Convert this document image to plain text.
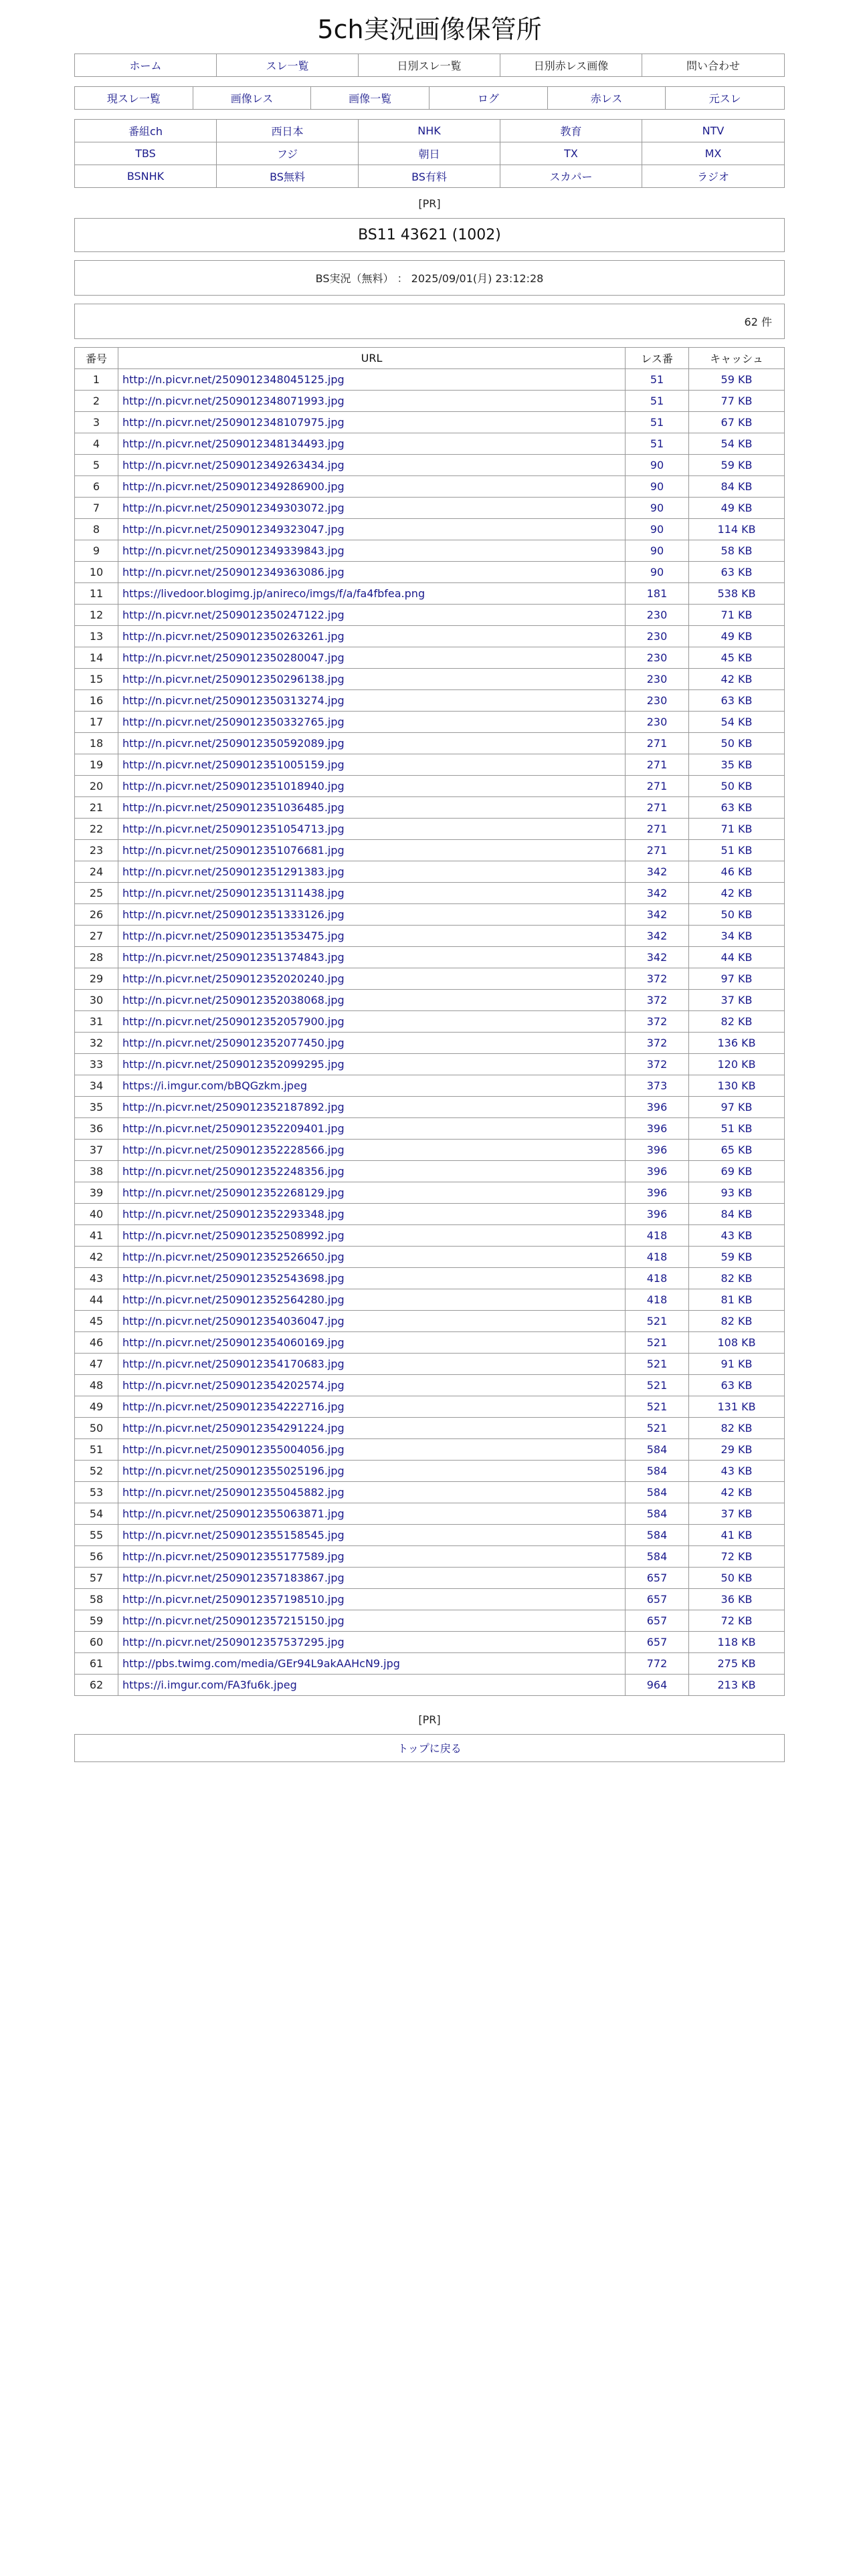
5ch実況画像保管所
ホーム	スレ一覧	日別スレ一覧	日別赤レス画像	問い合わせ
現スレ一覧	画像レス	画像一覧	ログ	赤レス	元スレ
番組ch	西日本	NHK	教育	NTV
TBS	フジ	朝日	TX	MX
BSNHK	BS無料	BS有料	スカパー	ラジオ
[PR]
BS11 43621 (1002)
BS実況（無料） ： 2025/09/01(月) 23:12:28
62 件
番号	URL	レス番	キャッシュ
1	http://n.picvr.net/2509012348045125.jpg	51	59 KB
2	http://n.picvr.net/2509012348071993.jpg	51	77 KB
3	http://n.picvr.net/2509012348107975.jpg	51	67 KB
4	http://n.picvr.net/2509012348134493.jpg	51	54 KB
5	http://n.picvr.net/2509012349263434.jpg	90	59 KB
6	http://n.picvr.net/2509012349286900.jpg	90	84 KB
7	http://n.picvr.net/2509012349303072.jpg	90	49 KB
8	http://n.picvr.net/2509012349323047.jpg	90	114 KB
9	http://n.picvr.net/2509012349339843.jpg	90	58 KB
10	http://n.picvr.net/2509012349363086.jpg	90	63 KB
11	https://livedoor.blogimg.jp/anireco/imgs/f/a/fa4fbfea.png	181	538 KB
12	http://n.picvr.net/2509012350247122.jpg	230	71 KB
13	http://n.picvr.net/2509012350263261.jpg	230	49 KB
14	http://n.picvr.net/2509012350280047.jpg	230	45 KB
15	http://n.picvr.net/2509012350296138.jpg	230	42 KB
16	http://n.picvr.net/2509012350313274.jpg	230	63 KB
17	http://n.picvr.net/2509012350332765.jpg	230	54 KB
18	http://n.picvr.net/2509012350592089.jpg	271	50 KB
19	http://n.picvr.net/2509012351005159.jpg	271	35 KB
20	http://n.picvr.net/2509012351018940.jpg	271	50 KB
21	http://n.picvr.net/2509012351036485.jpg	271	63 KB
22	http://n.picvr.net/2509012351054713.jpg	271	71 KB
23	http://n.picvr.net/2509012351076681.jpg	271	51 KB
24	http://n.picvr.net/2509012351291383.jpg	342	46 KB
25	http://n.picvr.net/2509012351311438.jpg	342	42 KB
26	http://n.picvr.net/2509012351333126.jpg	342	50 KB
27	http://n.picvr.net/2509012351353475.jpg	342	34 KB
28	http://n.picvr.net/2509012351374843.jpg	342	44 KB
29	http://n.picvr.net/2509012352020240.jpg	372	97 KB
30	http://n.picvr.net/2509012352038068.jpg	372	37 KB
31	http://n.picvr.net/2509012352057900.jpg	372	82 KB
32	http://n.picvr.net/2509012352077450.jpg	372	136 KB
33	http://n.picvr.net/2509012352099295.jpg	372	120 KB
34	https://i.imgur.com/bBQGzkm.jpeg	373	130 KB
35	http://n.picvr.net/2509012352187892.jpg	396	97 KB
36	http://n.picvr.net/2509012352209401.jpg	396	51 KB
37	http://n.picvr.net/2509012352228566.jpg	396	65 KB
38	http://n.picvr.net/2509012352248356.jpg	396	69 KB
39	http://n.picvr.net/2509012352268129.jpg	396	93 KB
40	http://n.picvr.net/2509012352293348.jpg	396	84 KB
41	http://n.picvr.net/2509012352508992.jpg	418	43 KB
42	http://n.picvr.net/2509012352526650.jpg	418	59 KB
43	http://n.picvr.net/2509012352543698.jpg	418	82 KB
44	http://n.picvr.net/2509012352564280.jpg	418	81 KB
45	http://n.picvr.net/2509012354036047.jpg	521	82 KB
46	http://n.picvr.net/2509012354060169.jpg	521	108 KB
47	http://n.picvr.net/2509012354170683.jpg	521	91 KB
48	http://n.picvr.net/2509012354202574.jpg	521	63 KB
49	http://n.picvr.net/2509012354222716.jpg	521	131 KB
50	http://n.picvr.net/2509012354291224.jpg	521	82 KB
51	http://n.picvr.net/2509012355004056.jpg	584	29 KB
52	http://n.picvr.net/2509012355025196.jpg	584	43 KB
53	http://n.picvr.net/2509012355045882.jpg	584	42 KB
54	http://n.picvr.net/2509012355063871.jpg	584	37 KB
55	http://n.picvr.net/2509012355158545.jpg	584	41 KB
56	http://n.picvr.net/2509012355177589.jpg	584	72 KB
57	http://n.picvr.net/2509012357183867.jpg	657	50 KB
58	http://n.picvr.net/2509012357198510.jpg	657	36 KB
59	http://n.picvr.net/2509012357215150.jpg	657	72 KB
60	http://n.picvr.net/2509012357537295.jpg	657	118 KB
61	http://pbs.twimg.com/media/GEr94L9akAAHcN9.jpg	772	275 KB
62	https://i.imgur.com/FA3fu6k.jpeg	964	213 KB
[PR]
トップに戻る
